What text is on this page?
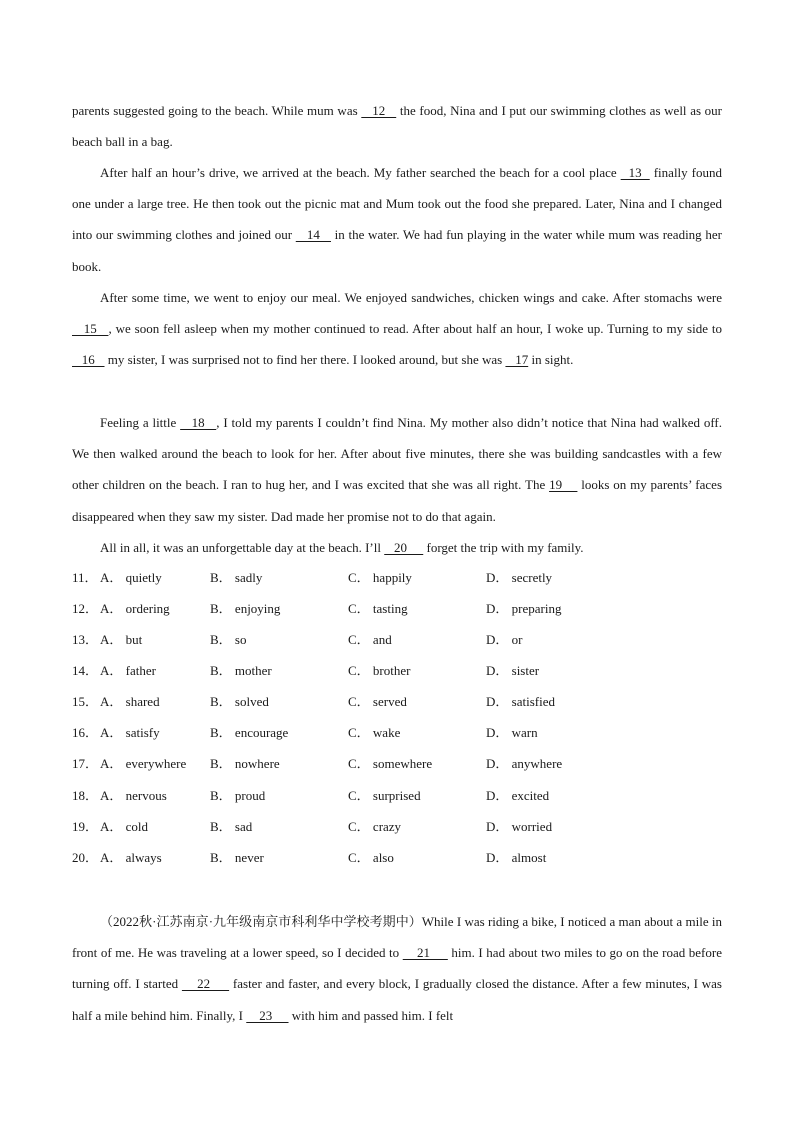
parents suggested going to the beach. While mum was    12    the food, Nina and I put our swimming clothes as well as our beach ball in a bag.

After half an hour’s drive, we arrived at the beach. My father searched the beach for a cool place   13   finally found one under a large tree. He then took out the picnic mat and Mum took out the food she prepared. Later, Nina and I changed into our swimming clothes and joined our    14    in the water. We had fun playing in the water while mum was reading her book.

After some time, we went to enjoy our meal. We enjoyed sandwiches, chicken wings and cake. After stomachs were    15   , we soon fell asleep when my mother continued to read. After about half an hour, I woke up. Turning to my side to    16    my sister, I was surprised not to find her there. I looked around, but she was    17 in sight.

Feeling a little    18   , I told my parents I couldn’t find Nina. My mother also didn’t notice that Nina had walked off. We then walked around the beach to look for her. After about five minutes, there she was building sandcastles with a few other children on the beach. I ran to hug her, and I was excited that she was all right. The 19     looks on my parents’ faces disappeared when they saw my sister. Dad made her promise not to do that again.

All in all, it was an unforgettable day at the beach. I’ll    20      forget the trip with my family.

11． A． quietly	B． sadly	C． happily	D． secretly
12． A． ordering	B． enjoying	C． tasting	D． preparing
13． A． but	B． so	C． and	D． or
14． A． father	B． mother	C． brother	D． sister
15． A． shared	B． solved	C． served	D． satisfied
16． A． satisfy	B． encourage	C． wake	D． warn
17． A． everywhere B． nowhere	C． somewhere	D． anywhere
18． A． nervous	B． proud	C． surprised	D． excited
19． A． cold	B． sad	C． crazy	D． worried
20． A． always	B． never	C． also	D． almost

（2022秋·江苏南京·九年级南京市科利华中学校考期中）While I was riding a bike, I noticed a man about a mile in front of me. He was traveling at a lower speed, so I decided to     21      him. I had about two miles to go on the road before turning off. I started     22      faster and faster, and every block, I gradually closed the distance. After a few minutes, I was half a mile behind him. Finally, I     23      with him and passed him. I felt
